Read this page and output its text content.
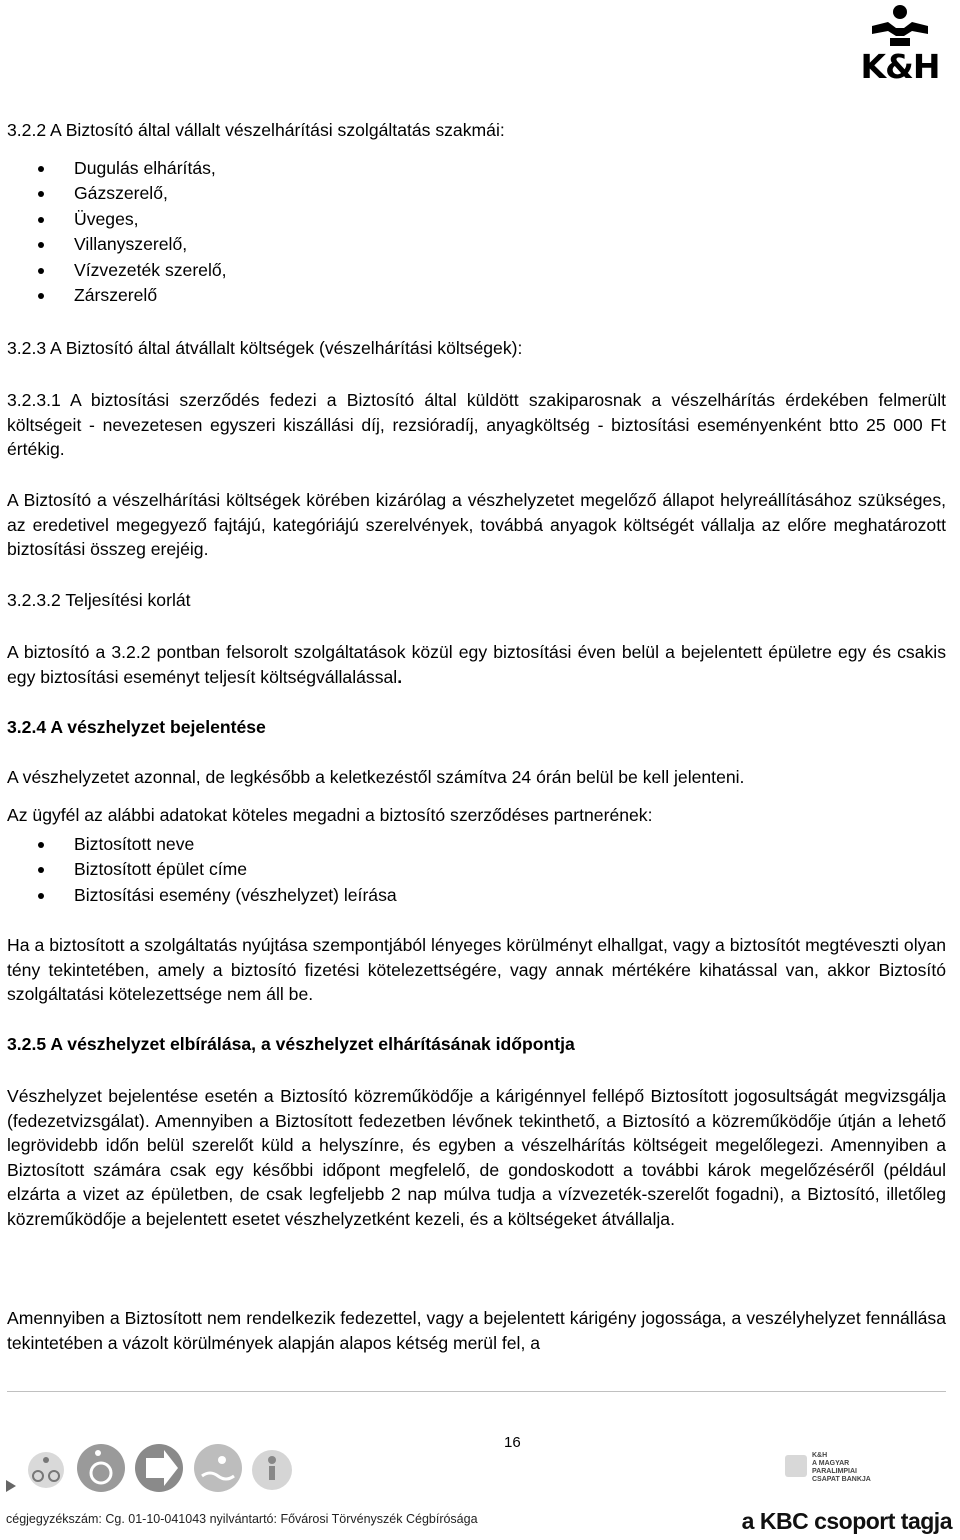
K&H
3.2.2 A Biztosító által vállalt vészelhárítási szolgáltatás szakmái:
Dugulás elhárítás,
Gázszerelő,
Üveges,
Villanyszerelő,
Vízvezeték szerelő,
Zárszerelő
3.2.3 A Biztosító által átvállalt költségek (vészelhárítási költségek):
3.2.3.1 A biztosítási szerződés fedezi a Biztosító által küldött szakiparosnak a vészelhárítás érdekében felmerült költségeit - nevezetesen egyszeri kiszállási díj, rezsióradíj, anyagköltség - biztosítási eseményenként btto 25 000 Ft értékig.
A Biztosító a vészelhárítási költségek körében kizárólag a vészhelyzetet megelőző állapot helyreállításához szükséges, az eredetivel megegyező fajtájú, kategóriájú szerelvények, továbbá anyagok költségét vállalja az előre meghatározott biztosítási összeg erejéig.
3.2.3.2 Teljesítési korlát
A biztosító a 3.2.2 pontban felsorolt szolgáltatások közül egy biztosítási éven belül a bejelentett épületre egy és csakis egy biztosítási eseményt teljesít költségvállalással.
3.2.4 A vészhelyzet bejelentése
A vészhelyzetet azonnal, de legkésőbb a keletkezéstől számítva 24 órán belül be kell jelenteni.
Az ügyfél az alábbi adatokat köteles megadni a biztosító szerződéses partnerének:
Biztosított neve
Biztosított épület címe
Biztosítási esemény (vészhelyzet) leírása
Ha a biztosított a szolgáltatás nyújtása szempontjából lényeges körülményt elhallgat, vagy a biztosítót megtéveszti olyan tény tekintetében, amely a biztosító fizetési kötelezettségére, vagy annak mértékére kihatással van, akkor Biztosító szolgáltatási kötelezettsége nem áll be.
3.2.5 A vészhelyzet elbírálása, a vészhelyzet elhárításának időpontja
Vészhelyzet bejelentése esetén a Biztosító közreműködője a kárigénnyel fellépő Biztosított jogosultságát megvizsgálja (fedezetvizsgálat). Amennyiben a Biztosított fedezetben lévőnek tekinthető, a Biztosító a közreműködője útján a lehető legrövidebb időn belül szerelőt küld a helyszínre, és egyben a vészelhárítás költségeit megelőlegezi. Amennyiben a Biztosított számára csak egy későbbi időpont megfelelő, de gondoskodott a további károk megelőzéséről (például elzárta a vizet az épületben, de csak legfeljebb 2 nap múlva tudja a vízvezeték-szerelőt fogadni), a Biztosító, illetőleg közreműködője a bejelentett esetet vészhelyzetként kezeli, és a költségeket átvállalja.
Amennyiben a Biztosított nem rendelkezik fedezettel, vagy a bejelentett kárigény jogossága, a veszélyhelyzet fennállása tekintetében a vázolt körülmények alapján alapos kétség merül fel, a
16
K&H
A MAGYAR
PARALIMPIAI
CSAPAT BANKJA
cégjegyzékszám: Cg. 01-10-041043 nyilvántartó: Fővárosi Törvényszék Cégbírósága	a KBC csoport tagja
